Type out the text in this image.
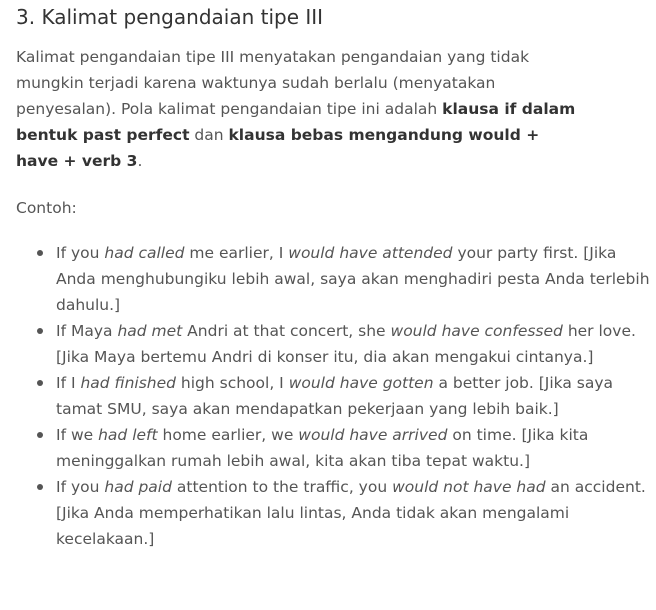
3. Kalimat pengandaian tipe III

Kalimat pengandaian tipe III menyatakan pengandaian yang tidak mungkin terjadi karena waktunya sudah berlalu (menyatakan penyesalan). Pola kalimat pengandaian tipe ini adalah klausa if dalam bentuk past perfect dan klausa bebas mengandung would + have + verb 3.

Contoh:

If you had called me earlier, I would have attended your party first. [Jika Anda menghubungiku lebih awal, saya akan menghadiri pesta Anda terlebih dahulu.]
If Maya had met Andri at that concert, she would have confessed her love. [Jika Maya bertemu Andri di konser itu, dia akan mengakui cintanya.]
If I had finished high school, I would have gotten a better job. [Jika saya tamat SMU, saya akan mendapatkan pekerjaan yang lebih baik.]
If we had left home earlier, we would have arrived on time. [Jika kita meninggalkan rumah lebih awal, kita akan tiba tepat waktu.]
If you had paid attention to the traffic, you would not have had an accident. [Jika Anda memperhatikan lalu lintas, Anda tidak akan mengalami kecelakaan.]
